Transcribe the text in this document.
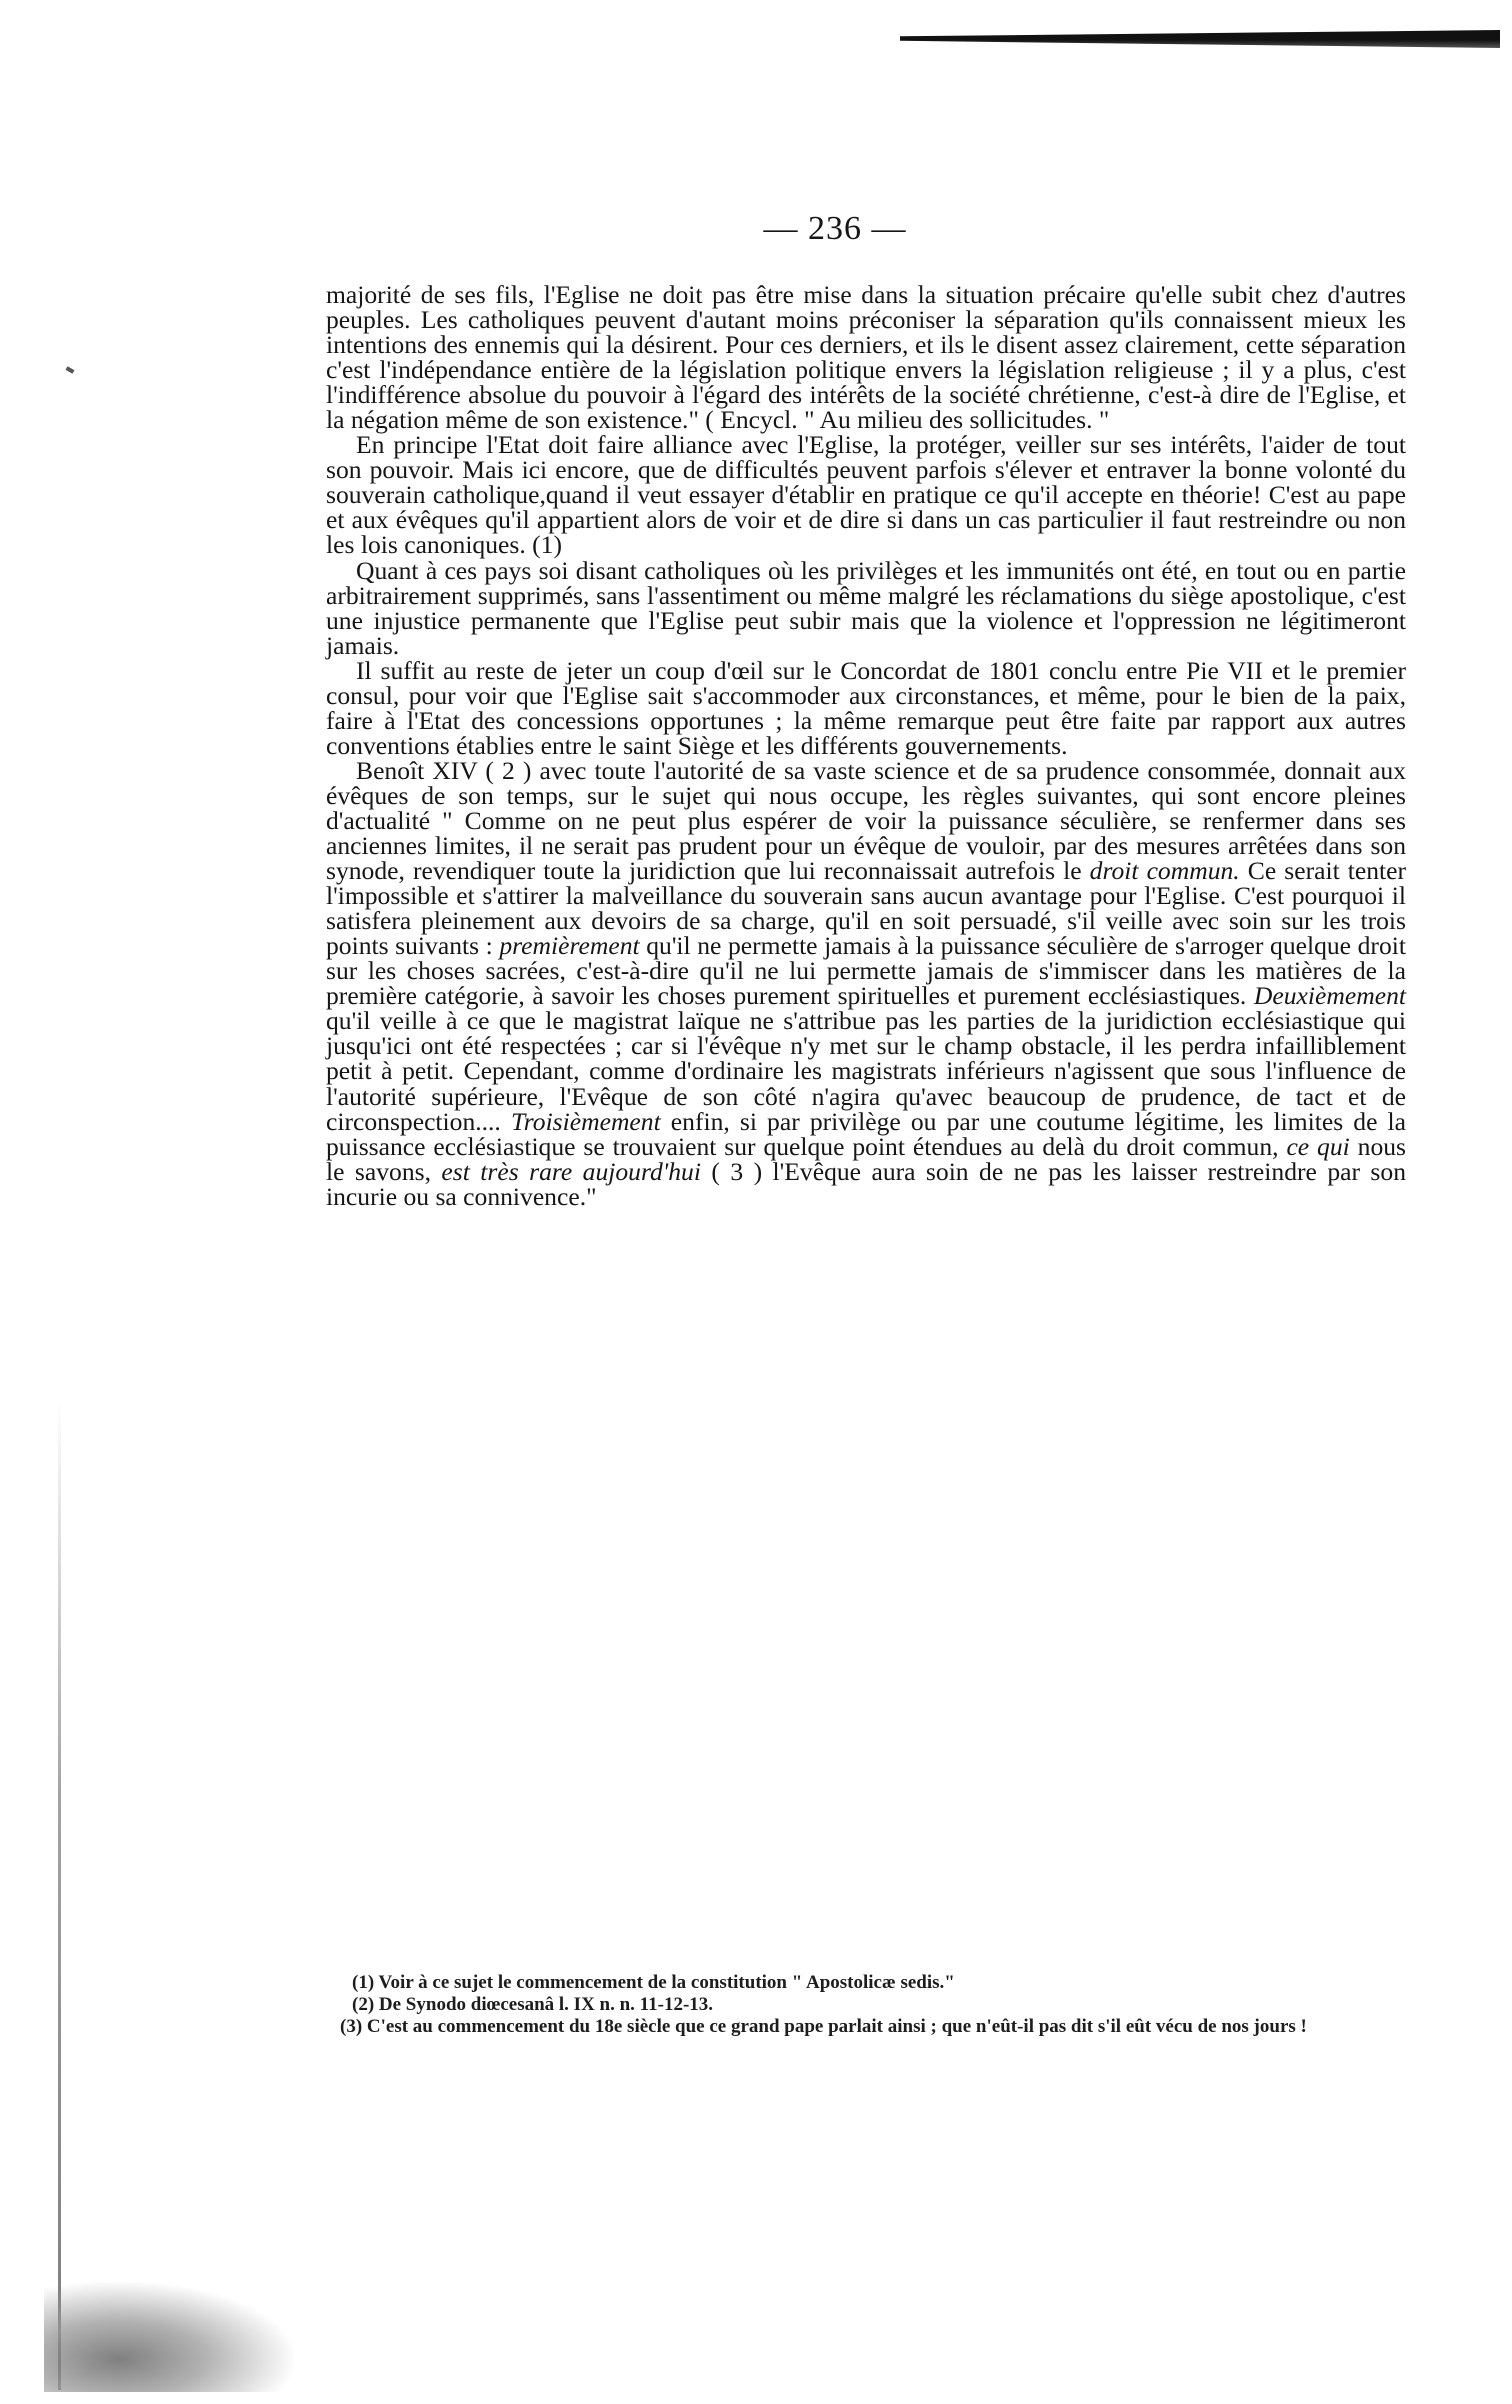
— 236 —

majorité de ses fils, l'Eglise ne doit pas être mise dans la situation précaire qu'elle subit chez d'autres peuples. Les catholiques peuvent d'autant moins préconiser la séparation qu'ils connaissent mieux les intentions des ennemis qui la désirent. Pour ces derniers, et ils le disent assez clairement, cette séparation c'est l'indépendance entière de la législation politique envers la législation religieuse ; il y a plus, c'est l'indifférence absolue du pouvoir à l'égard des intérêts de la société chrétienne, c'est-à dire de l'Eglise, et la négation même de son existence." ( Encycl. " Au milieu des sollicitudes. "

En principe l'Etat doit faire alliance avec l'Eglise, la protéger, veiller sur ses intérêts, l'aider de tout son pouvoir. Mais ici encore, que de difficultés peuvent parfois s'élever et entraver la bonne volonté du souverain catholique,quand il veut essayer d'établir en pratique ce qu'il accepte en théorie! C'est au pape et aux évêques qu'il appartient alors de voir et de dire si dans un cas particulier il faut restreindre ou non les lois canoniques. (1)

Quant à ces pays soi disant catholiques où les privilèges et les immunités ont été, en tout ou en partie arbitrairement supprimés, sans l'assentiment ou même malgré les réclamations du siège apostolique, c'est une injustice permanente que l'Eglise peut subir mais que la violence et l'oppression ne légitimeront jamais.

Il suffit au reste de jeter un coup d'œil sur le Concordat de 1801 conclu entre Pie VII et le premier consul, pour voir que l'Eglise sait s'accommoder aux circonstances, et même, pour le bien de la paix, faire à l'Etat des concessions opportunes ; la même remarque peut être faite par rapport aux autres conventions établies entre le saint Siège et les différents gouvernements.

Benoît XIV ( 2 ) avec toute l'autorité de sa vaste science et de sa prudence consommée, donnait aux évêques de son temps, sur le sujet qui nous occupe, les règles suivantes, qui sont encore pleines d'actualité " Comme on ne peut plus espérer de voir la puissance séculière, se renfermer dans ses anciennes limites, il ne serait pas prudent pour un évêque de vouloir, par des mesures arrêtées dans son synode, revendiquer toute la juridiction que lui reconnaissait autrefois le droit commun. Ce serait tenter l'impossible et s'attirer la malveillance du souverain sans aucun avantage pour l'Eglise. C'est pourquoi il satisfera pleinement aux devoirs de sa charge, qu'il en soit persuadé, s'il veille avec soin sur les trois points suivants : premièrement qu'il ne permette jamais à la puissance séculière de s'arroger quelque droit sur les choses sacrées, c'est-à-dire qu'il ne lui permette jamais de s'immiscer dans les matières de la première catégorie, à savoir les choses purement spirituelles et purement ecclésiastiques. Deuxièmement qu'il veille à ce que le magistrat laïque ne s'attribue pas les parties de la juridiction ecclésiastique qui jusqu'ici ont été respectées ; car si l'évêque n'y met sur le champ obstacle, il les perdra infailliblement petit à petit. Cependant, comme d'ordinaire les magistrats inférieurs n'agissent que sous l'influence de l'autorité supérieure, l'Evêque de son côté n'agira qu'avec beaucoup de prudence, de tact et de circonspection.... Troisièmement enfin, si par privilège ou par une coutume légitime, les limites de la puissance ecclésiastique se trouvaient sur quelque point étendues au delà du droit commun, ce qui nous le savons, est très rare aujourd'hui ( 3 ) l'Evêque aura soin de ne pas les laisser restreindre par son incurie ou sa connivence."

(1) Voir à ce sujet le commencement de la constitution " Apostolicæ sedis."

(2) De Synodo diœcesanâ l. IX n. n. 11-12-13.

(3) C'est au commencement du 18e siècle que ce grand pape parlait ainsi ; que n'eût-il pas dit s'il eût vécu de nos jours !
